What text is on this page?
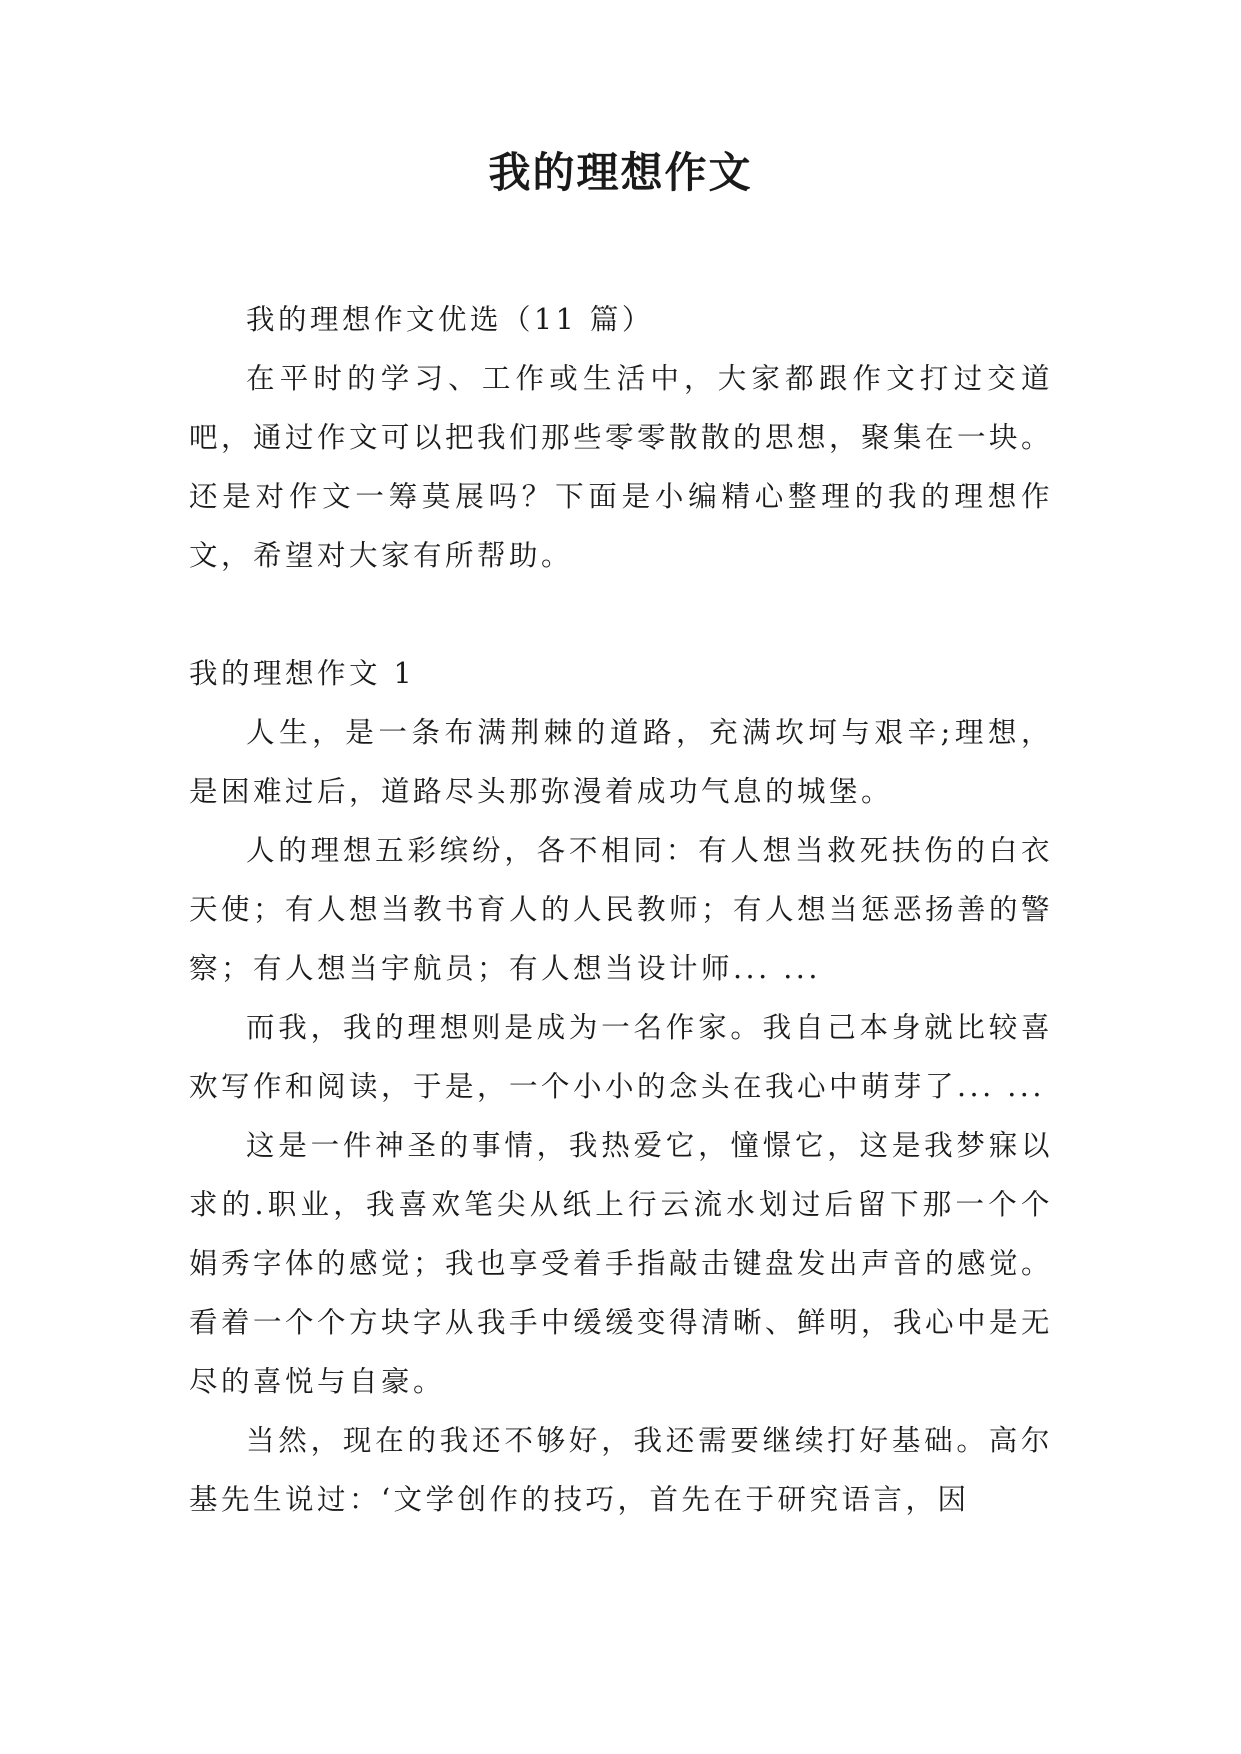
我的理想作文

我的理想作文优选（11 篇）

在平时的学习、工作或生活中，大家都跟作文打过交道吧，通过作文可以把我们那些零零散散的思想，聚集在一块。还是对作文一筹莫展吗？下面是小编精心整理的我的理想作文，希望对大家有所帮助。

我的理想作文 1

人生，是一条布满荆棘的道路，充满坎坷与艰辛;理想，是困难过后，道路尽头那弥漫着成功气息的城堡。

人的理想五彩缤纷，各不相同：有人想当救死扶伤的白衣天使；有人想当教书育人的人民教师；有人想当惩恶扬善的警察；有人想当宇航员；有人想当设计师... ...

而我，我的理想则是成为一名作家。我自己本身就比较喜欢写作和阅读，于是，一个小小的念头在我心中萌芽了... ...

这是一件神圣的事情，我热爱它，憧憬它，这是我梦寐以求的.职业，我喜欢笔尖从纸上行云流水划过后留下那一个个娟秀字体的感觉；我也享受着手指敲击键盘发出声音的感觉。看着一个个方块字从我手中缓缓变得清晰、鲜明，我心中是无尽的喜悦与自豪。

当然，现在的我还不够好，我还需要继续打好基础。高尔基先生说过：‘文学创作的技巧，首先在于研究语言，因
